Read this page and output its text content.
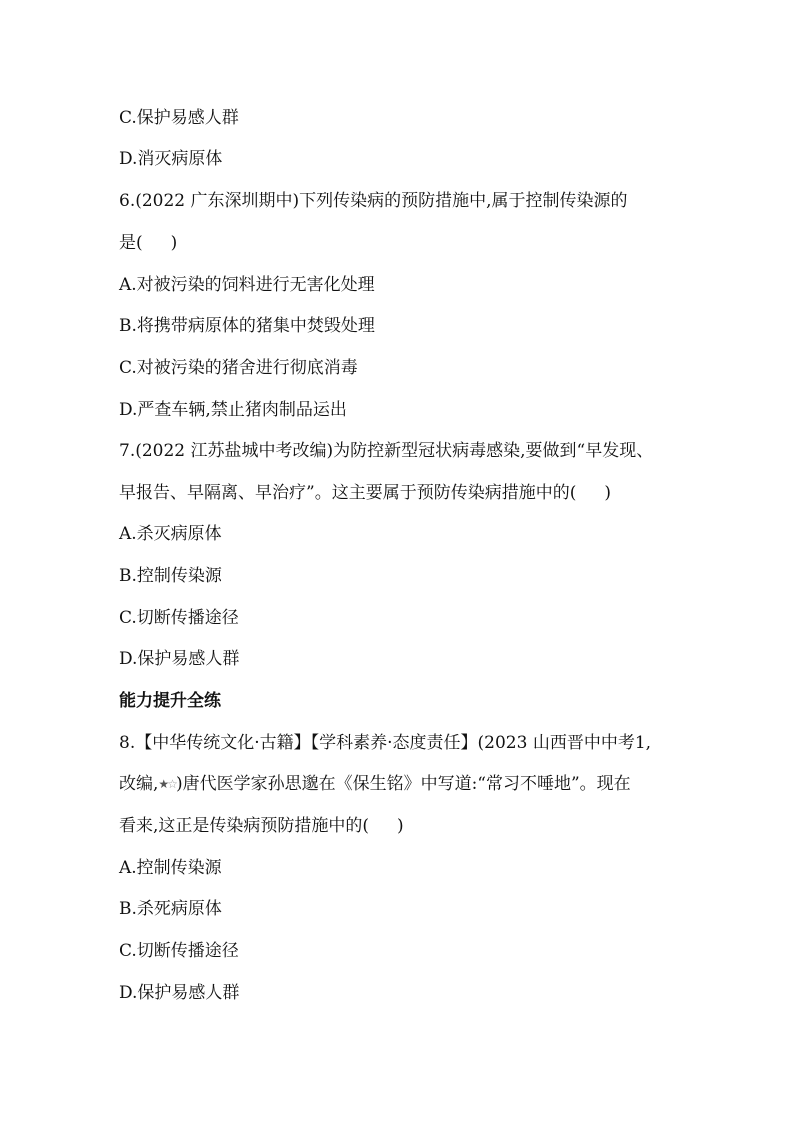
C.保护易感人群
D.消灭病原体
6.(2022 广东深圳期中)下列传染病的预防措施中,属于控制传染源的
是( )
A.对被污染的饲料进行无害化处理
B.将携带病原体的猪集中焚毁处理
C.对被污染的猪舍进行彻底消毒
D.严查车辆,禁止猪肉制品运出
7.(2022 江苏盐城中考改编)为防控新型冠状病毒感染,要做到“早发现、
早报告、早隔离、早治疗”。这主要属于预防传染病措施中的( )
A.杀灭病原体
B.控制传染源
C.切断传播途径
D.保护易感人群
能力提升全练
8.【中华传统文化·古籍】【学科素养·态度责任】(2023 山西晋中中考1,
改编,★☆)唐代医学家孙思邈在《保生铭》中写道:“常习不唾地”。现在
看来,这正是传染病预防措施中的( )
A.控制传染源
B.杀死病原体
C.切断传播途径
D.保护易感人群
